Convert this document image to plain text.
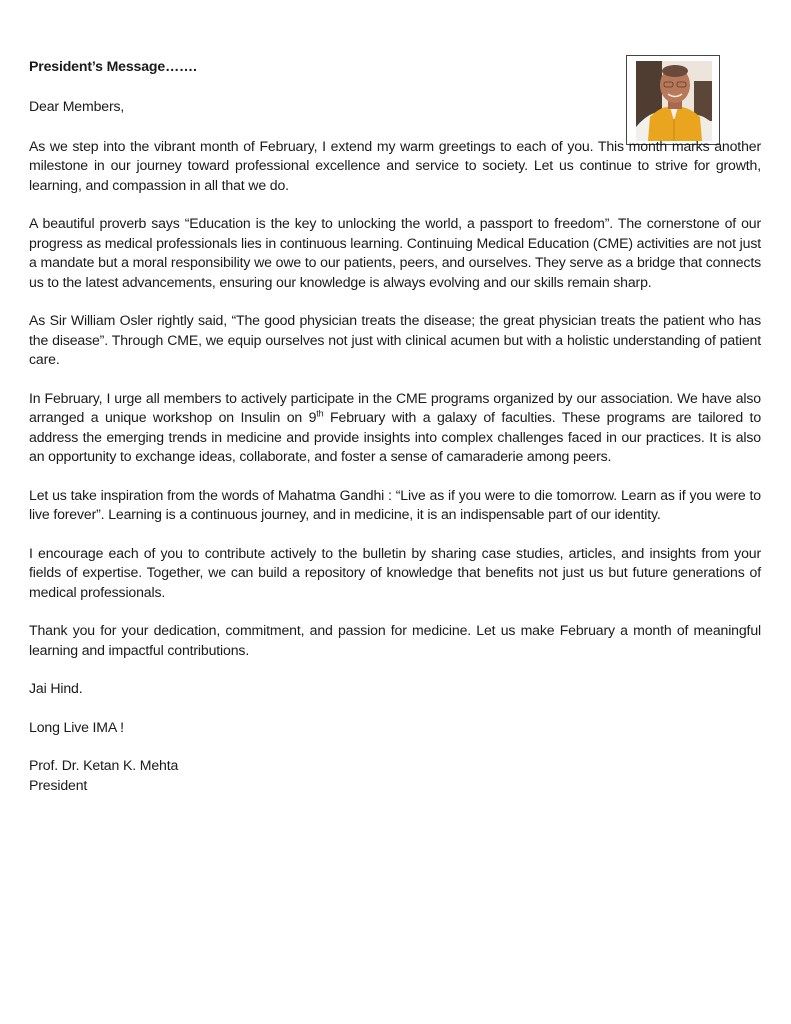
President’s Message…….

Dear Members,

As we step into the vibrant month of February, I extend my warm greetings to each of you. This month marks another milestone in our journey toward professional excellence and service to society. Let us continue to strive for growth, learning, and compassion in all that we do.

A beautiful proverb says “Education is the key to unlocking the world, a passport to freedom”. The cornerstone of our progress as medical professionals lies in continuous learning. Continuing Medical Education (CME) activities are not just a mandate but a moral responsibility we owe to our patients, peers, and ourselves. They serve as a bridge that connects us to the latest advancements, ensuring our knowledge is always evolving and our skills remain sharp.

As Sir William Osler rightly said, “The good physician treats the disease; the great physician treats the patient who has the disease”. Through CME, we equip ourselves not just with clinical acumen but with a holistic understanding of patient care.

In February, I urge all members to actively participate in the CME programs organized by our association. We have also arranged a unique workshop on Insulin on 9th February with a galaxy of faculties. These programs are tailored to address the emerging trends in medicine and provide insights into complex challenges faced in our practices. It is also an opportunity to exchange ideas, collaborate, and foster a sense of camaraderie among peers.

Let us take inspiration from the words of Mahatma Gandhi : “Live as if you were to die tomorrow. Learn as if you were to live forever”. Learning is a continuous journey, and in medicine, it is an indispensable part of our identity.

I encourage each of you to contribute actively to the bulletin by sharing case studies, articles, and insights from your fields of expertise. Together, we can build a repository of knowledge that benefits not just us but future generations of medical professionals.

Thank you for your dedication, commitment, and passion for medicine. Let us make February a month of meaningful learning and impactful contributions.

Jai Hind.

Long Live IMA !

Prof. Dr. Ketan K. Mehta
President
